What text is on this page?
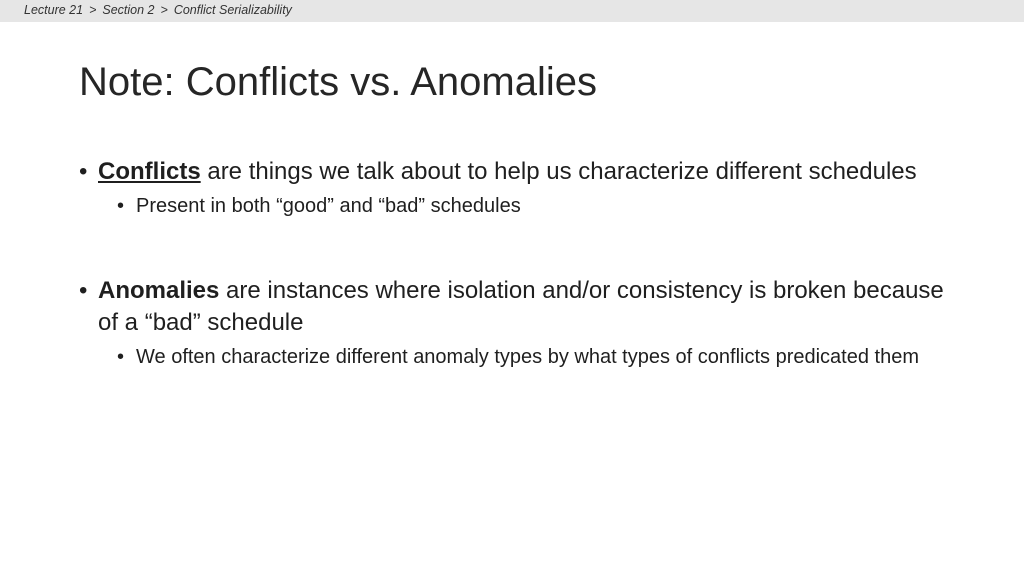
Lecture 21 > Section 2 > Conflict Serializability
Note: Conflicts vs. Anomalies
• Conflicts are things we talk about to help us characterize different schedules
• Present in both “good” and “bad” schedules
• Anomalies are instances where isolation and/or consistency is broken because of a “bad” schedule
• We often characterize different anomaly types by what types of conflicts predicated them
